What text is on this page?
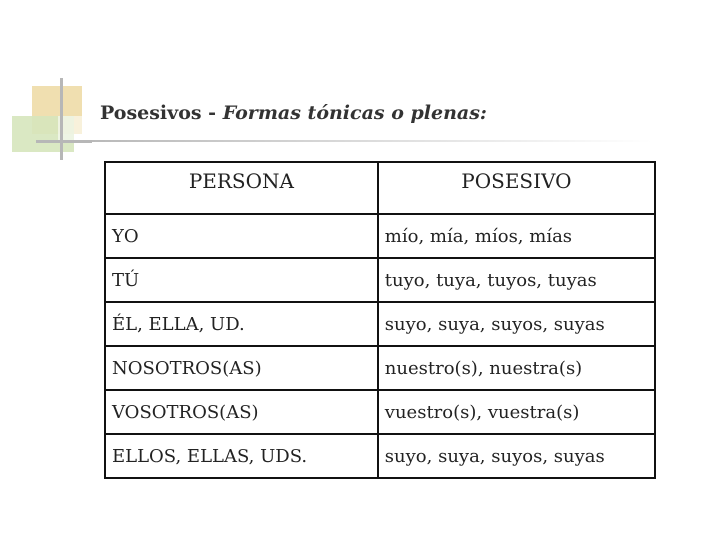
Posesivos - Formas tónicas o plenas:
PERSONA	POSESIVO
YO	mío, mía, míos, mías
TÚ	tuyo, tuya, tuyos, tuyas
ÉL, ELLA, UD.	suyo, suya, suyos, suyas
NOSOTROS(AS)	nuestro(s), nuestra(s)
VOSOTROS(AS)	vuestro(s), vuestra(s)
ELLOS, ELLAS, UDS.	suyo, suya, suyos, suyas
